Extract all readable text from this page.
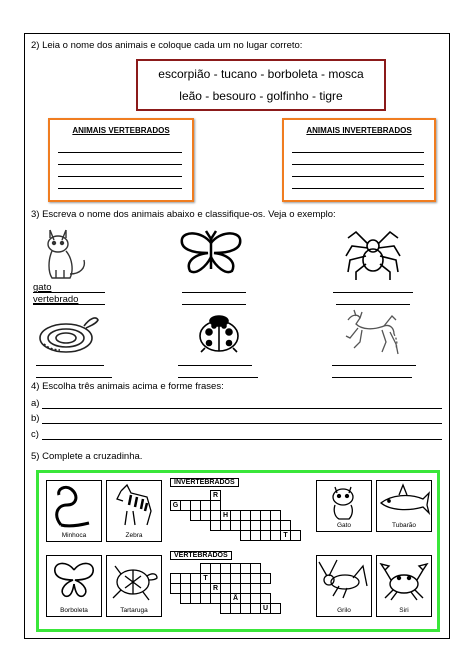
2) Leia o nome dos animais e coloque cada um no lugar correto:
escorpião - tucano - borboleta - mosca
leão - besouro - golfinho - tigre
ANIMAIS VERTEBRADOS	ANIMAIS INVERTEBRADOS
3) Escreva o nome dos animais abaixo e classifique-os. Veja o exemplo:
gato
vertebrado
4) Escolha três animais acima e forme frases:
a)
b)
c)
5) Complete a cruzadinha.
Minhoca	Zebra
Borboleta	Tartaruga
Gato	Tubarão
Grilo	Siri
INVERTEBRADOS
VERTEBRADOS
R
G
H
T
T
R
Ã
U
